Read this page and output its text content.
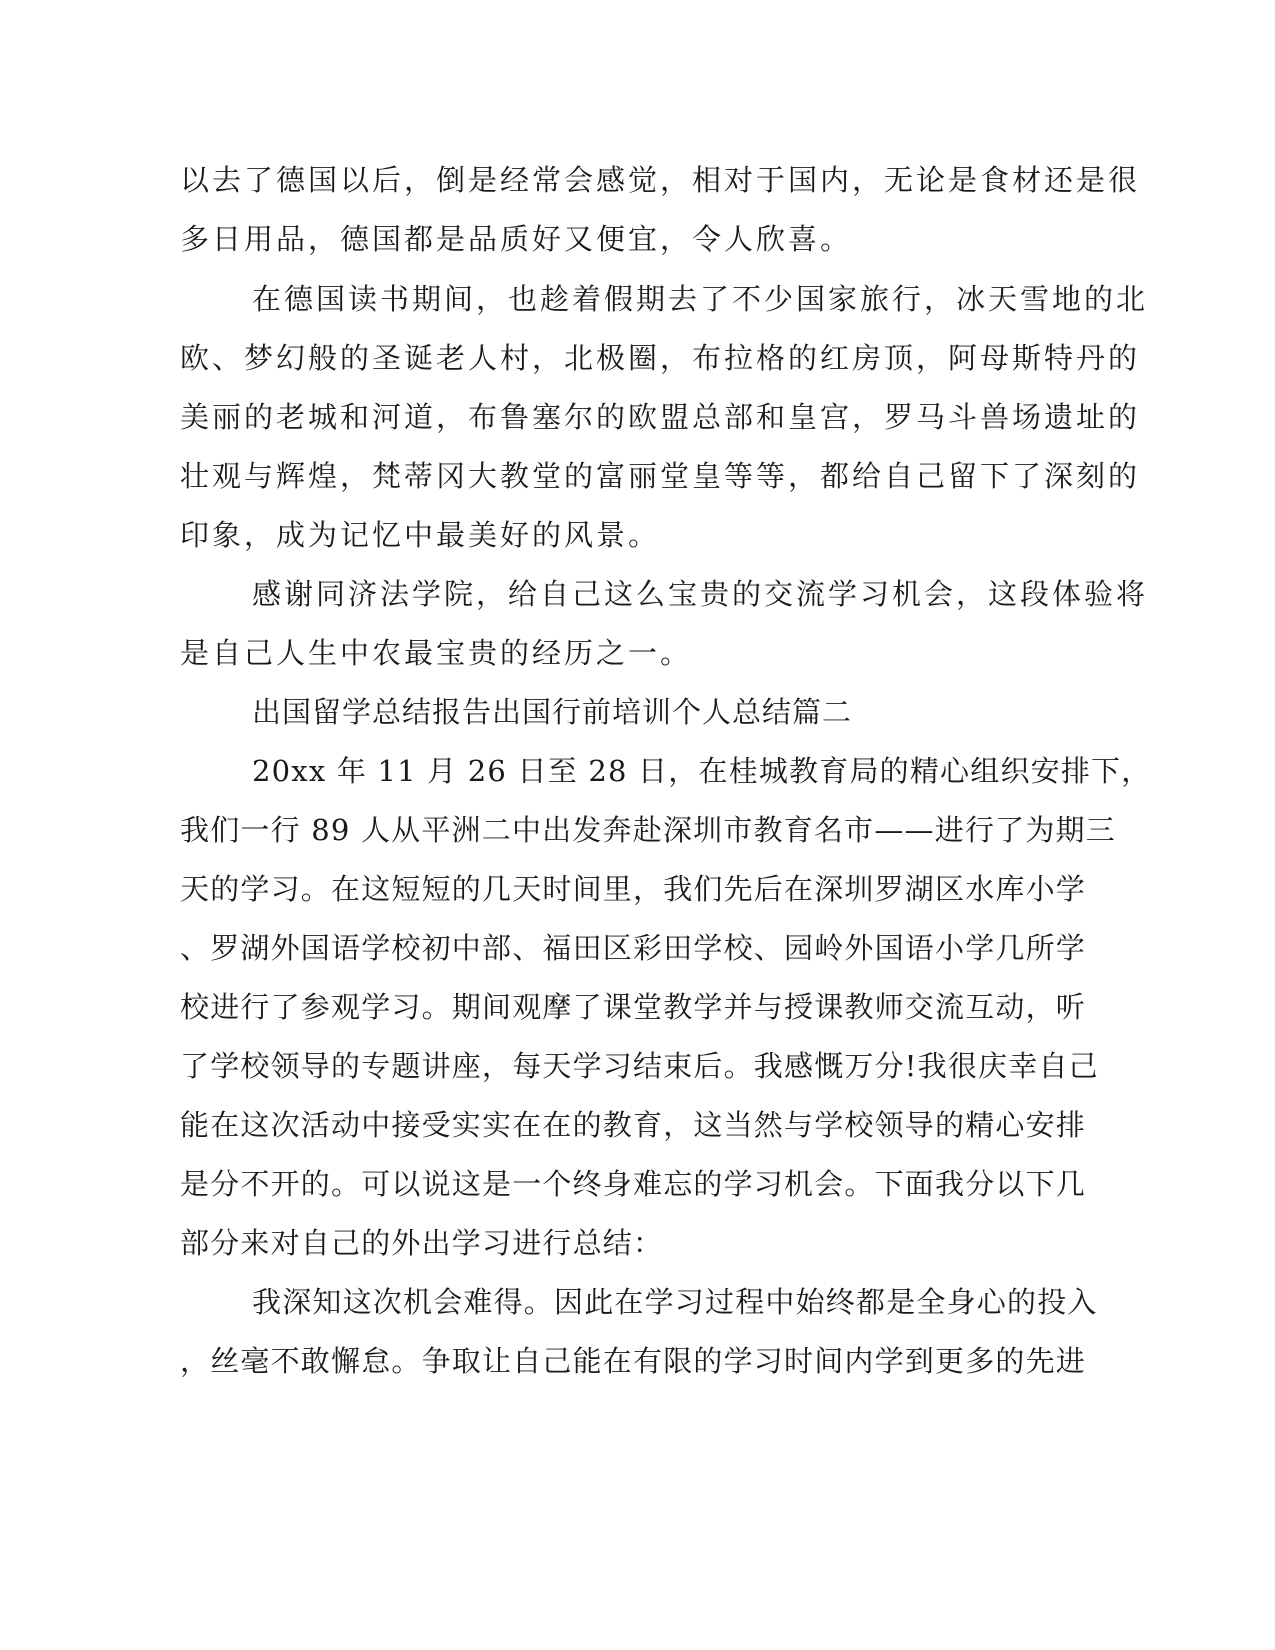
以去了德国以后，倒是经常会感觉，相对于国内，无论是食材还是很
多日用品，德国都是品质好又便宜，令人欣喜。
在德国读书期间，也趁着假期去了不少国家旅行，冰天雪地的北
欧、梦幻般的圣诞老人村，北极圈，布拉格的红房顶，阿母斯特丹的
美丽的老城和河道，布鲁塞尔的欧盟总部和皇宫，罗马斗兽场遗址的
壮观与辉煌，梵蒂冈大教堂的富丽堂皇等等，都给自己留下了深刻的
印象，成为记忆中最美好的风景。
感谢同济法学院，给自己这么宝贵的交流学习机会，这段体验将
是自己人生中农最宝贵的经历之一。
出国留学总结报告出国行前培训个人总结篇二
20xx 年 11 月 26 日至 28 日，在桂城教育局的精心组织安排下，
我们一行 89 人从平洲二中出发奔赴深圳市教育名市——进行了为期三
天的学习。在这短短的几天时间里，我们先后在深圳罗湖区水库小学
、罗湖外国语学校初中部、福田区彩田学校、园岭外国语小学几所学
校进行了参观学习。期间观摩了课堂教学并与授课教师交流互动，听
了学校领导的专题讲座，每天学习结束后。我感慨万分!我很庆幸自己
能在这次活动中接受实实在在的教育，这当然与学校领导的精心安排
是分不开的。可以说这是一个终身难忘的学习机会。下面我分以下几
部分来对自己的外出学习进行总结：
我深知这次机会难得。因此在学习过程中始终都是全身心的投入
，丝毫不敢懈怠。争取让自己能在有限的学习时间内学到更多的先进
